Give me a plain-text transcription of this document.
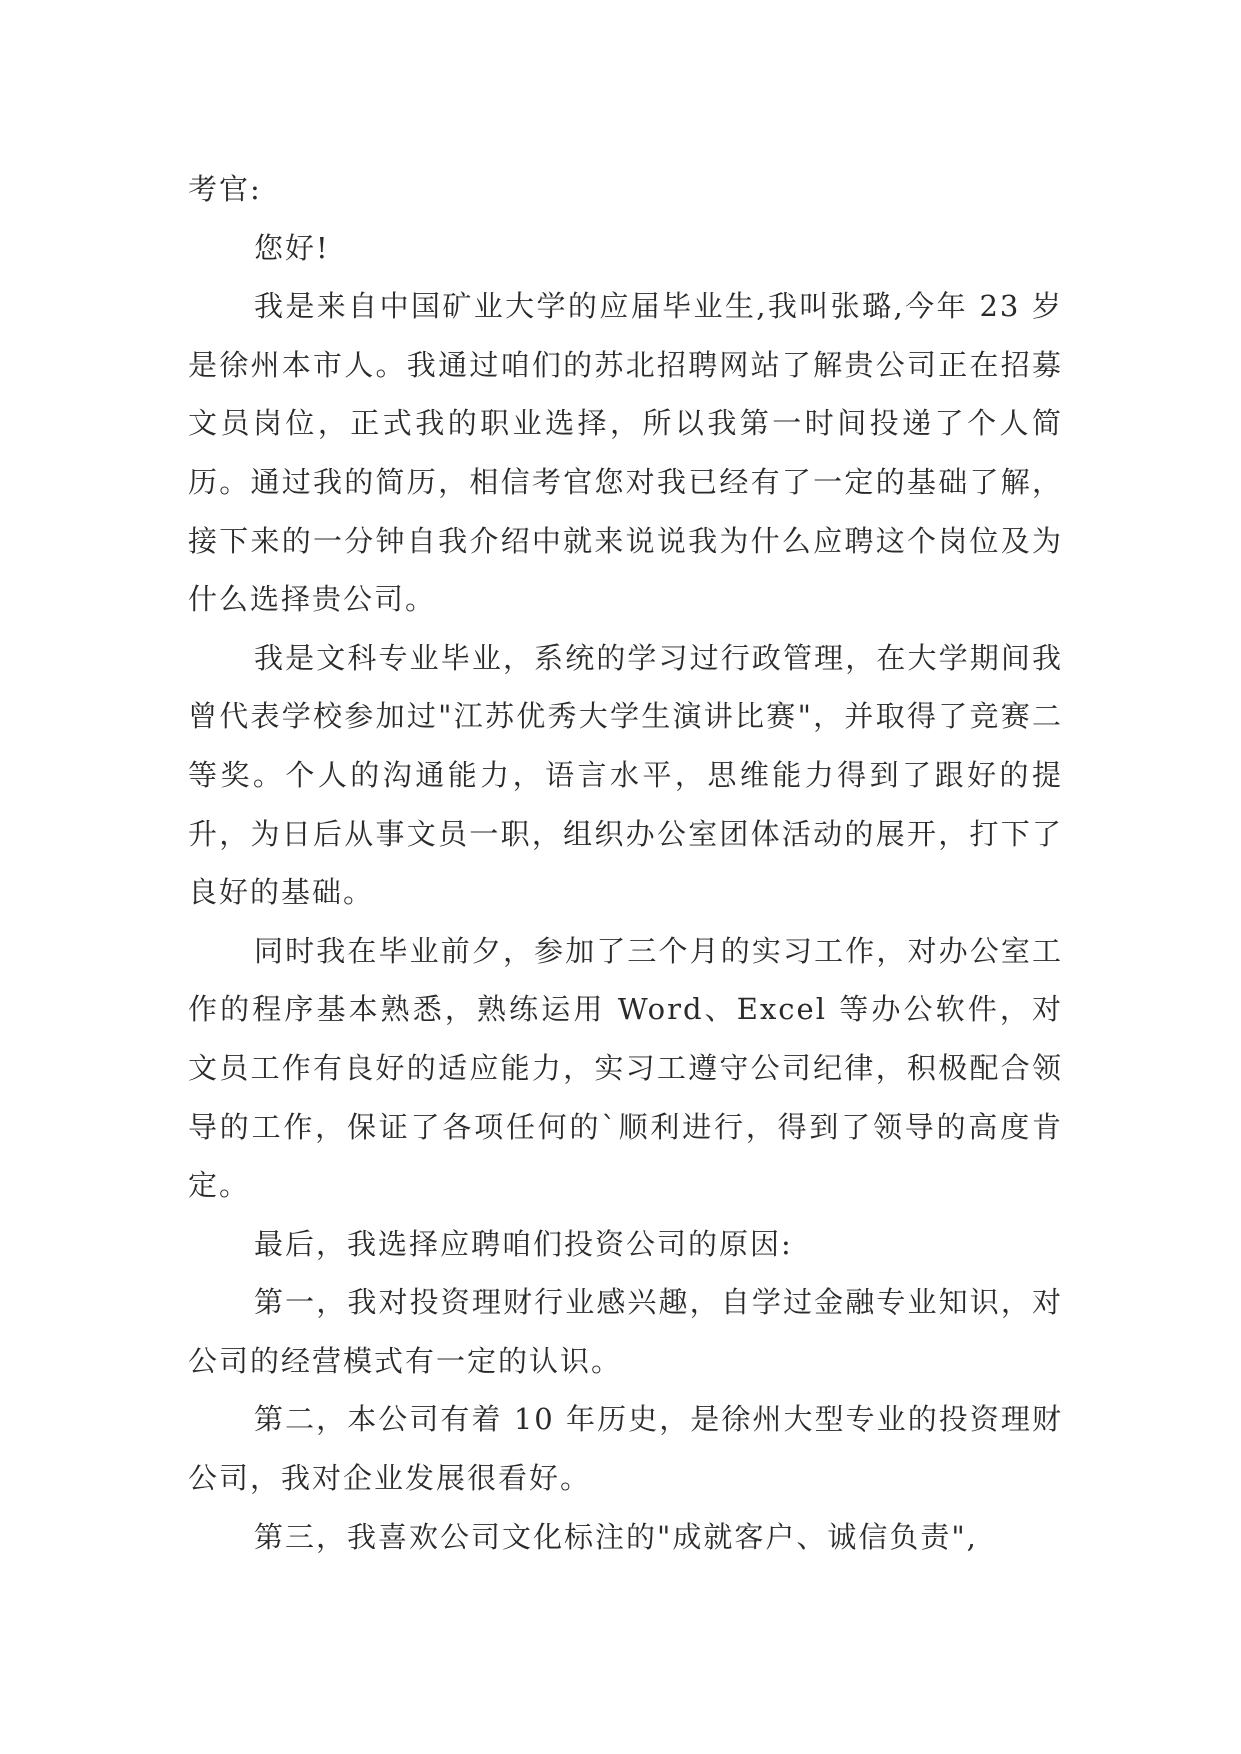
考官:

您好!

我是来自中国矿业大学的应届毕业生,我叫张璐,今年 23 岁是徐州本市人。我通过咱们的苏北招聘网站了解贵公司正在招募文员岗位，正式我的职业选择，所以我第一时间投递了个人简历。通过我的简历，相信考官您对我已经有了一定的基础了解，接下来的一分钟自我介绍中就来说说我为什么应聘这个岗位及为什么选择贵公司。

我是文科专业毕业，系统的学习过行政管理，在大学期间我曾代表学校参加过"江苏优秀大学生演讲比赛"，并取得了竞赛二等奖。个人的沟通能力，语言水平，思维能力得到了跟好的提升，为日后从事文员一职，组织办公室团体活动的展开，打下了良好的基础。

同时我在毕业前夕，参加了三个月的实习工作，对办公室工作的程序基本熟悉，熟练运用 Word、Excel 等办公软件，对文员工作有良好的适应能力，实习工遵守公司纪律，积极配合领导的工作，保证了各项任何的`顺利进行，得到了领导的高度肯定。

最后，我选择应聘咱们投资公司的原因:

第一，我对投资理财行业感兴趣，自学过金融专业知识，对公司的经营模式有一定的认识。

第二，本公司有着 10 年历史，是徐州大型专业的投资理财公司，我对企业发展很看好。

第三，我喜欢公司文化标注的"成就客户、诚信负责",
